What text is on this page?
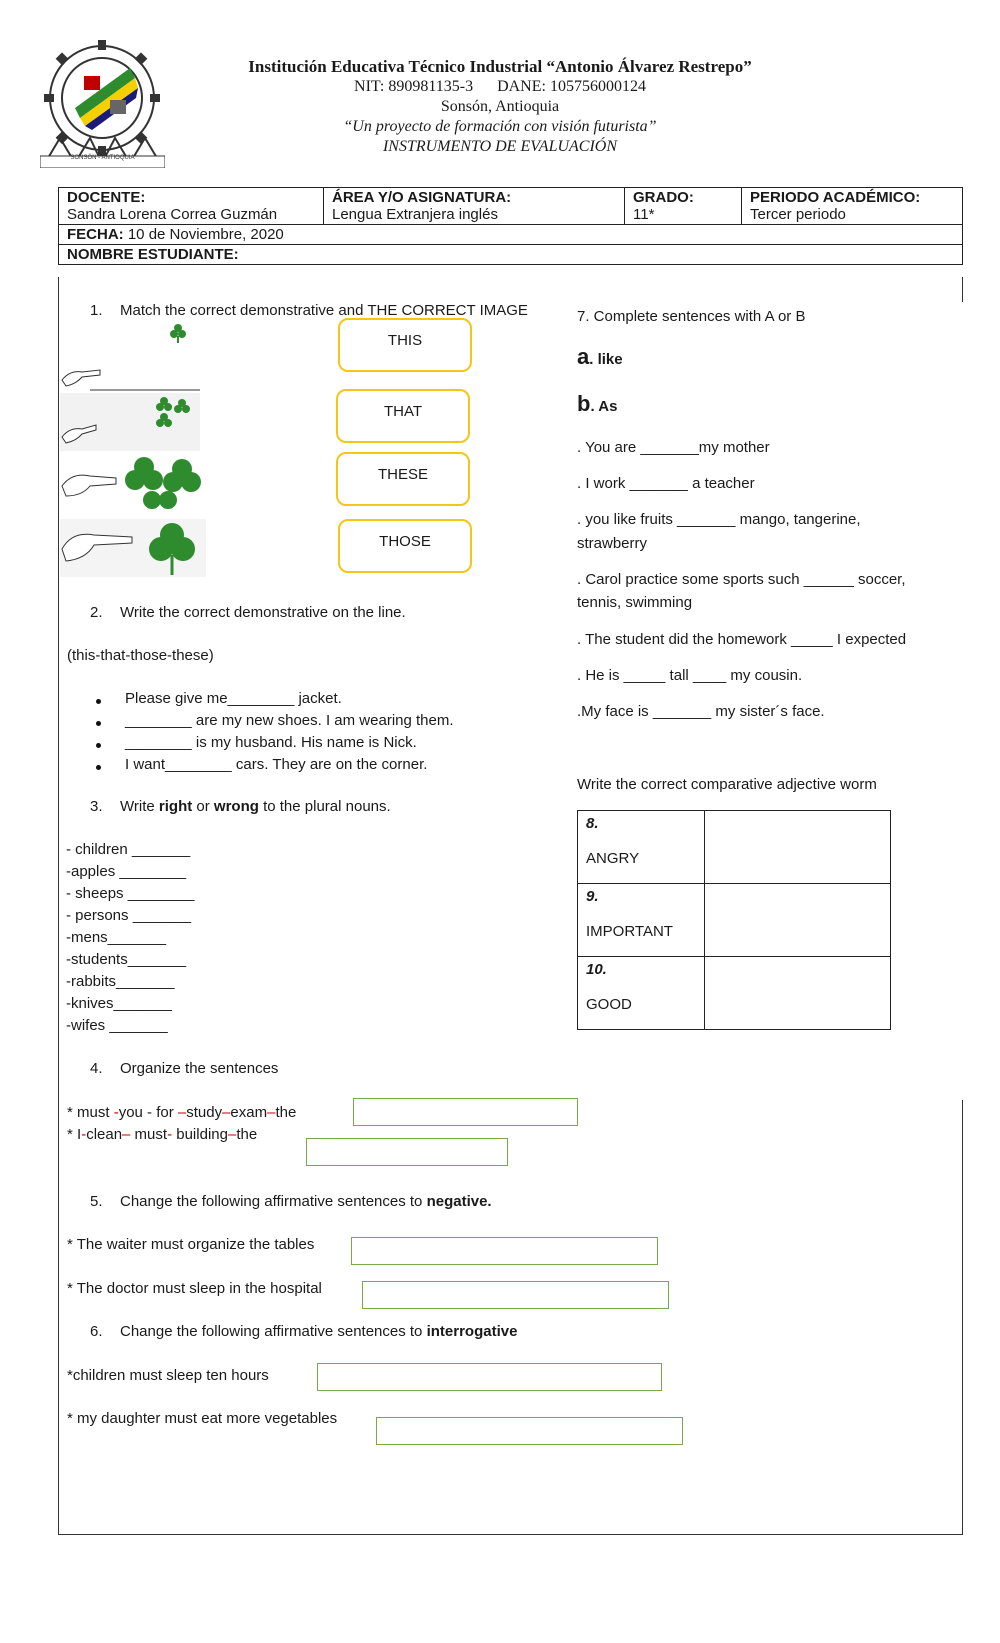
SONSÓN - ANTIOQUIA
Institución Educativa Técnico Industrial “Antonio Álvarez Restrepo”
NIT: 890981135-3      DANE: 105756000124
Sonsón, Antioquia
“Un proyecto de formación con visión futurista”
INSTRUMENTO DE EVALUACIÓN
DOCENTE:
Sandra Lorena Correa Guzmán

ÁREA Y/O ASIGNATURA:
Lengua Extranjera inglés

GRADO:
11*

PERIODO ACADÉMICO:
Tercer periodo

FECHA: 10 de Noviembre, 2020
NOMBRE ESTUDIANTE:
1. Match the correct demonstrative and THE CORRECT IMAGE
THIS
THAT
THESE
THOSE
2. Write the correct demonstrative on the line.
(this-that-those-these)
Please give me________ jacket.
________ are my new shoes. I am wearing them.
________ is my husband. His name is Nick.
I want________ cars. They are on the corner.
3. Write right or wrong to the plural nouns.
- children _______
-apples ________
- sheeps ________
- persons _______
-mens_______
-students_______
-rabbits_______
-knives_______
-wifes _______
4. Organize the sentences
* must -you - for –study–exam–the
* I-clean– must- building–the
5. Change the following affirmative sentences to negative.
* The waiter must organize the tables
* The doctor must sleep in the hospital
6. Change the following affirmative sentences to interrogative
*children must sleep ten hours
* my daughter must eat more vegetables
7. Complete sentences with A or B
a. like
b. As
. You are _______my mother
. I work _______ a teacher
. you like fruits _______ mango, tangerine,
strawberry
. Carol practice some sports such ______ soccer,
tennis, swimming
. The student did the homework _____ I expected
. He is _____ tall ____ my cousin.
.My face is _______ my sister´s face.
Write the correct comparative adjective worm
8.
ANGRY	

9.
IMPORTANT	

10.
GOOD	
